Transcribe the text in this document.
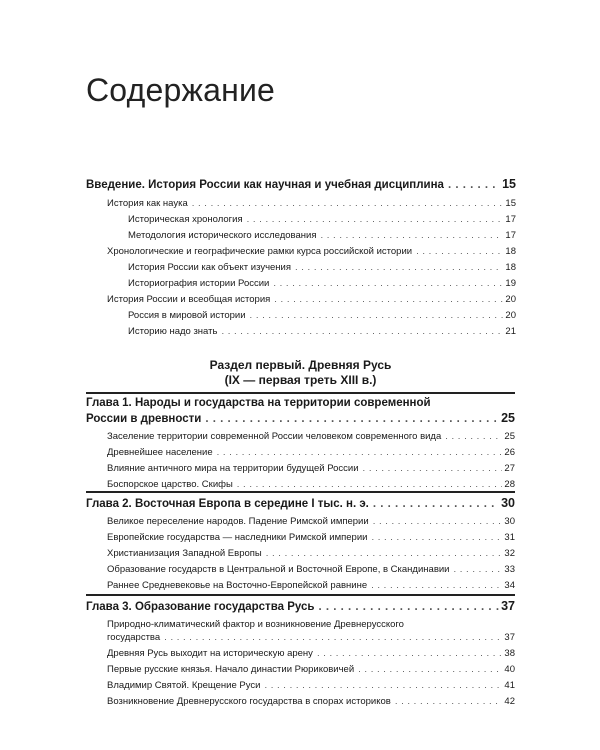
Содержание
Введение. История России как научная и учебная дисциплина . . .	15
История как наука . . .	15
Историческая хронология . . .	17
Методология исторического исследования . . .	17
Хронологические и географические рамки курса российской истории . . .	18
История России как объект изучения . . .	18
Историография истории России . . .	19
История России и всеобщая история . . .	20
Россия в мировой истории . . .	20
Историю надо знать . . .	21
Раздел первый. Древняя Русь
(IX — первая треть XIII в.)
Глава 1. Народы и государства на территории современной
России в древности . . .	25
Заселение территории современной России человеком современного вида . . .	25
Древнейшее население . . .	26
Влияние античного мира на территории будущей России . . .	27
Боспорское царство. Скифы . . .	28
Глава 2. Восточная Европа в середине I тыс. н. э. . . .	30
Великое переселение народов. Падение Римской империи . . .	30
Европейские государства — наследники Римской империи . . .	31
Христианизация Западной Европы . . .	32
Образование государств в Центральной и Восточной Европе, в Скандинавии . . .	33
Раннее Средневековье на Восточно-Европейской равнине . . .	34
Глава 3. Образование государства Русь . . .	37
Природно-климатический фактор и возникновение Древнерусского
государства . . .	37
Древняя Русь выходит на историческую арену . . .	38
Первые русские князья. Начало династии Рюриковичей . . .	40
Владимир Святой. Крещение Руси . . .	41
Возникновение Древнерусского государства в спорах историков . . .	42
